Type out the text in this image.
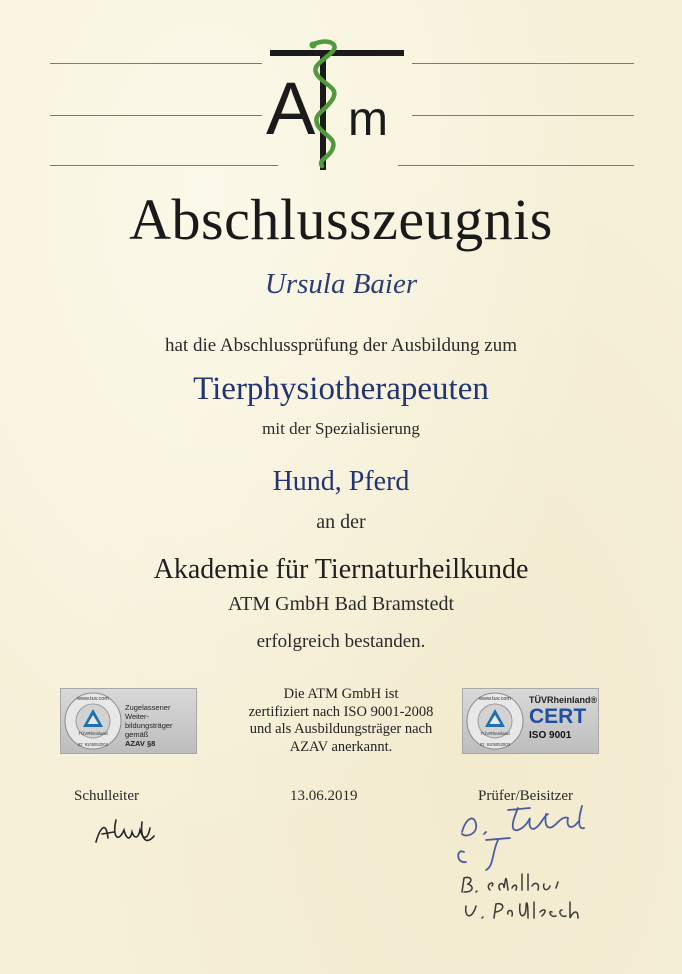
A m
Abschlusszeugnis
Ursula Baier
hat die Abschlussprüfung der Ausbildung zum
Tierphysiotherapeuten
mit der Spezialisierung
Hund, Pferd
an der
Akademie für Tiernaturheilkunde
ATM GmbH Bad Bramstedt
erfolgreich bestanden.
TÜVRheinland
www.tuv.com
ID: 9105052003
Zugelassener Weiter-
bildungsträger gemäß
AZAV §8
Die ATM GmbH ist
zertifiziert nach ISO 9001-2008
und als Ausbildungsträger nach
AZAV anerkannt.
TÜVRheinland
www.tuv.com
ID: 9105052003
TÜVRheinland®
CERT
ISO 9001
Schulleiter	13.06.2019	Prüfer/Beisitzer
